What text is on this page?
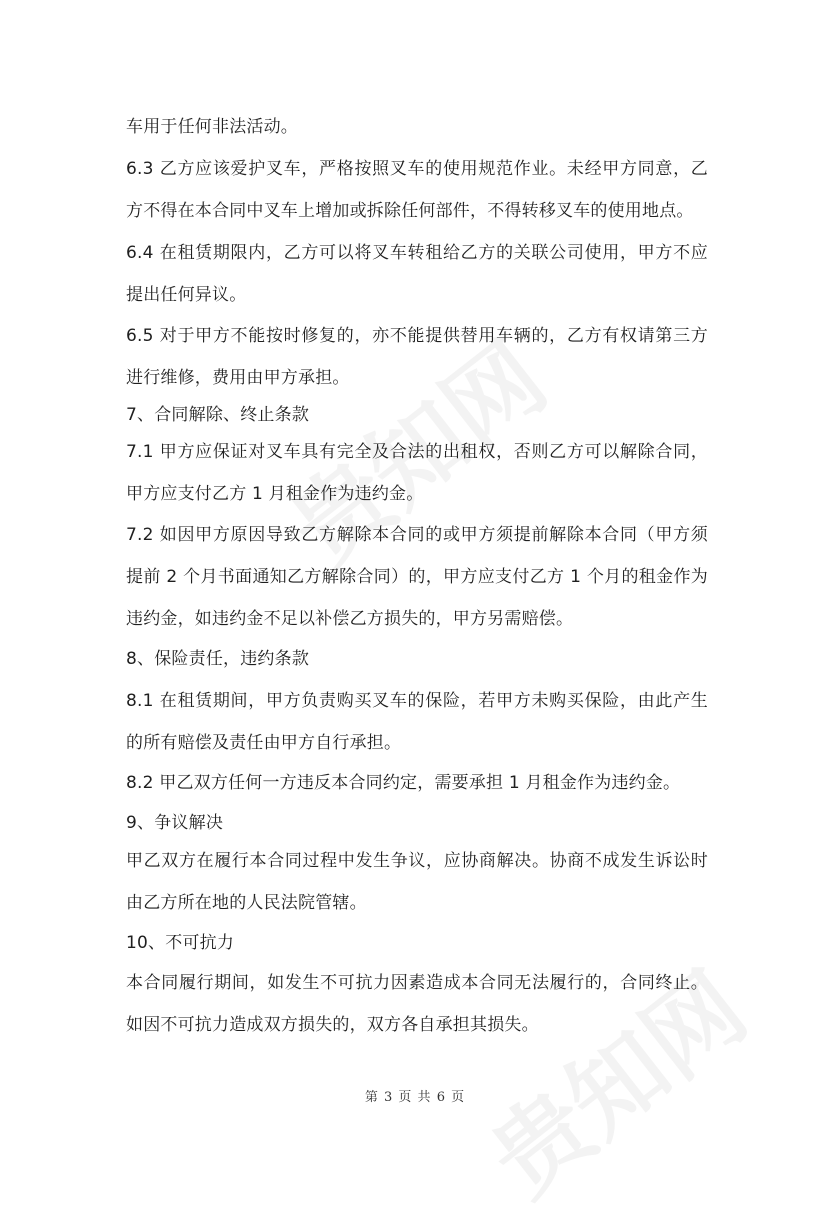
车用于任何非法活动。

6.3 乙方应该爱护叉车，严格按照叉车的使用规范作业。未经甲方同意，乙方不得在本合同中叉车上增加或拆除任何部件，不得转移叉车的使用地点。

6.4 在租赁期限内，乙方可以将叉车转租给乙方的关联公司使用，甲方不应提出任何异议。

6.5 对于甲方不能按时修复的，亦不能提供替用车辆的，乙方有权请第三方进行维修，费用由甲方承担。

7、合同解除、终止条款

7.1 甲方应保证对叉车具有完全及合法的出租权，否则乙方可以解除合同，甲方应支付乙方 1 月租金作为违约金。

7.2 如因甲方原因导致乙方解除本合同的或甲方须提前解除本合同（甲方须提前 2 个月书面通知乙方解除合同）的，甲方应支付乙方 1 个月的租金作为违约金，如违约金不足以补偿乙方损失的，甲方另需赔偿。

8、保险责任，违约条款

8.1 在租赁期间，甲方负责购买叉车的保险，若甲方未购买保险，由此产生的所有赔偿及责任由甲方自行承担。

8.2 甲乙双方任何一方违反本合同约定，需要承担 1 月租金作为违约金。

9、争议解决

甲乙双方在履行本合同过程中发生争议，应协商解决。协商不成发生诉讼时由乙方所在地的人民法院管辖。

10、不可抗力

本合同履行期间，如发生不可抗力因素造成本合同无法履行的，合同终止。如因不可抗力造成双方损失的，双方各自承担其损失。

第 3 页 共 6 页
